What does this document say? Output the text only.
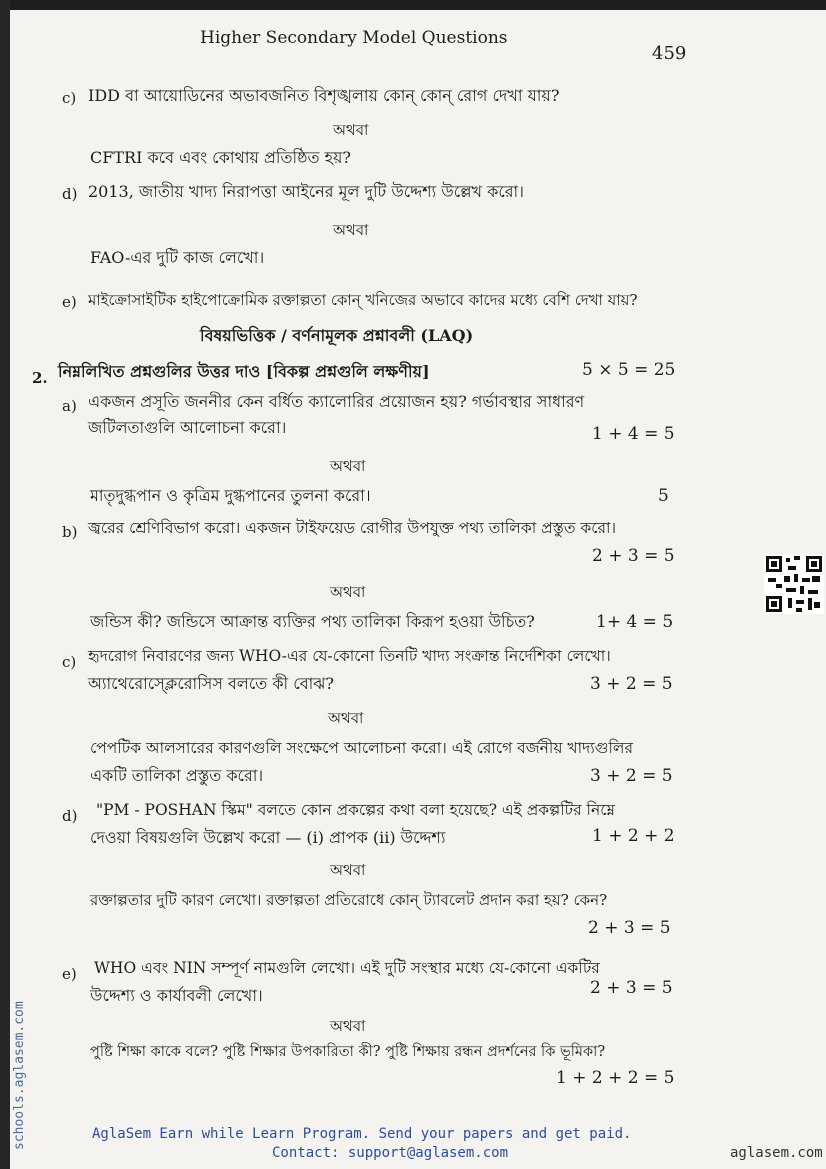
Higher Secondary Model Questions
459
c) IDD বা আয়োডিনের অভাবজনিত বিশৃঙ্খলায় কোন্ কোন্ রোগ দেখা যায়?
অথবা
CFTRI কবে এবং কোথায় প্রতিষ্ঠিত হয়?
d) 2013, জাতীয় খাদ্য নিরাপত্তা আইনের মূল দুটি উদ্দেশ্য উল্লেখ করো।
অথবা
FAO-এর দুটি কাজ লেখো।
e) মাইক্রোসাইটিক হাইপোক্রোমিক রক্তাল্পতা কোন্ খনিজের অভাবে কাদের মধ্যে বেশি দেখা যায়?
বিষয়ভিত্তিক / বর্ণনামূলক প্রশ্নাবলী (LAQ)
2. নিম্নলিখিত প্রশ্নগুলির উত্তর দাও [বিকল্প প্রশ্নগুলি লক্ষণীয়]	5 × 5 = 25
a) একজন প্রসূতি জননীর কেন বর্ধিত ক্যালোরির প্রয়োজন হয়? গর্ভাবস্থার সাধারণ
জটিলতাগুলি আলোচনা করো।	1 + 4 = 5
অথবা
মাতৃদুগ্ধপান ও কৃত্রিম দুগ্ধপানের তুলনা করো।	5
b) জ্বরের শ্রেণিবিভাগ করো। একজন টাইফয়েড রোগীর উপযুক্ত পথ্য তালিকা প্রস্তুত করো।
2 + 3 = 5
অথবা
জন্ডিস কী? জন্ডিসে আক্রান্ত ব্যক্তির পথ্য তালিকা কিরূপ হওয়া উচিত?	1+ 4 = 5
c) হৃদরোগ নিবারণের জন্য WHO-এর যে-কোনো তিনটি খাদ্য সংক্রান্ত নির্দেশিকা লেখো।
অ্যাথেরোস্ক্লেরোসিস বলতে কী বোঝ?	3 + 2 = 5
অথবা
পেপটিক আলসারের কারণগুলি সংক্ষেপে আলোচনা করো। এই রোগে বর্জনীয় খাদ্যগুলির
একটি তালিকা প্রস্তুত করো।	3 + 2 = 5
d) "PM - POSHAN স্কিম" বলতে কোন প্রকল্পের কথা বলা হয়েছে? এই প্রকল্পটির নিম্নে
দেওয়া বিষয়গুলি উল্লেখ করো — (i) প্রাপক (ii) উদ্দেশ্য	1 + 2 + 2
অথবা
রক্তাল্পতার দুটি কারণ লেখো। রক্তাল্পতা প্রতিরোধে কোন্ ট্যাবলেট প্রদান করা হয়? কেন?
2 + 3 = 5
e) WHO এবং NIN সম্পূর্ণ নামগুলি লেখো। এই দুটি সংস্থার মধ্যে যে-কোনো একটির
উদ্দেশ্য ও কার্যাবলী লেখো।	2 + 3 = 5
অথবা
পুষ্টি শিক্ষা কাকে বলে? পুষ্টি শিক্ষার উপকারিতা কী? পুষ্টি শিক্ষায় রন্ধন প্রদর্শনের কি ভূমিকা?
1 + 2 + 2 = 5
schools.aglasem.com	AglaSem Earn while Learn Program. Send your papers and get paid.
Contact: support@aglasem.com	aglasem.com
